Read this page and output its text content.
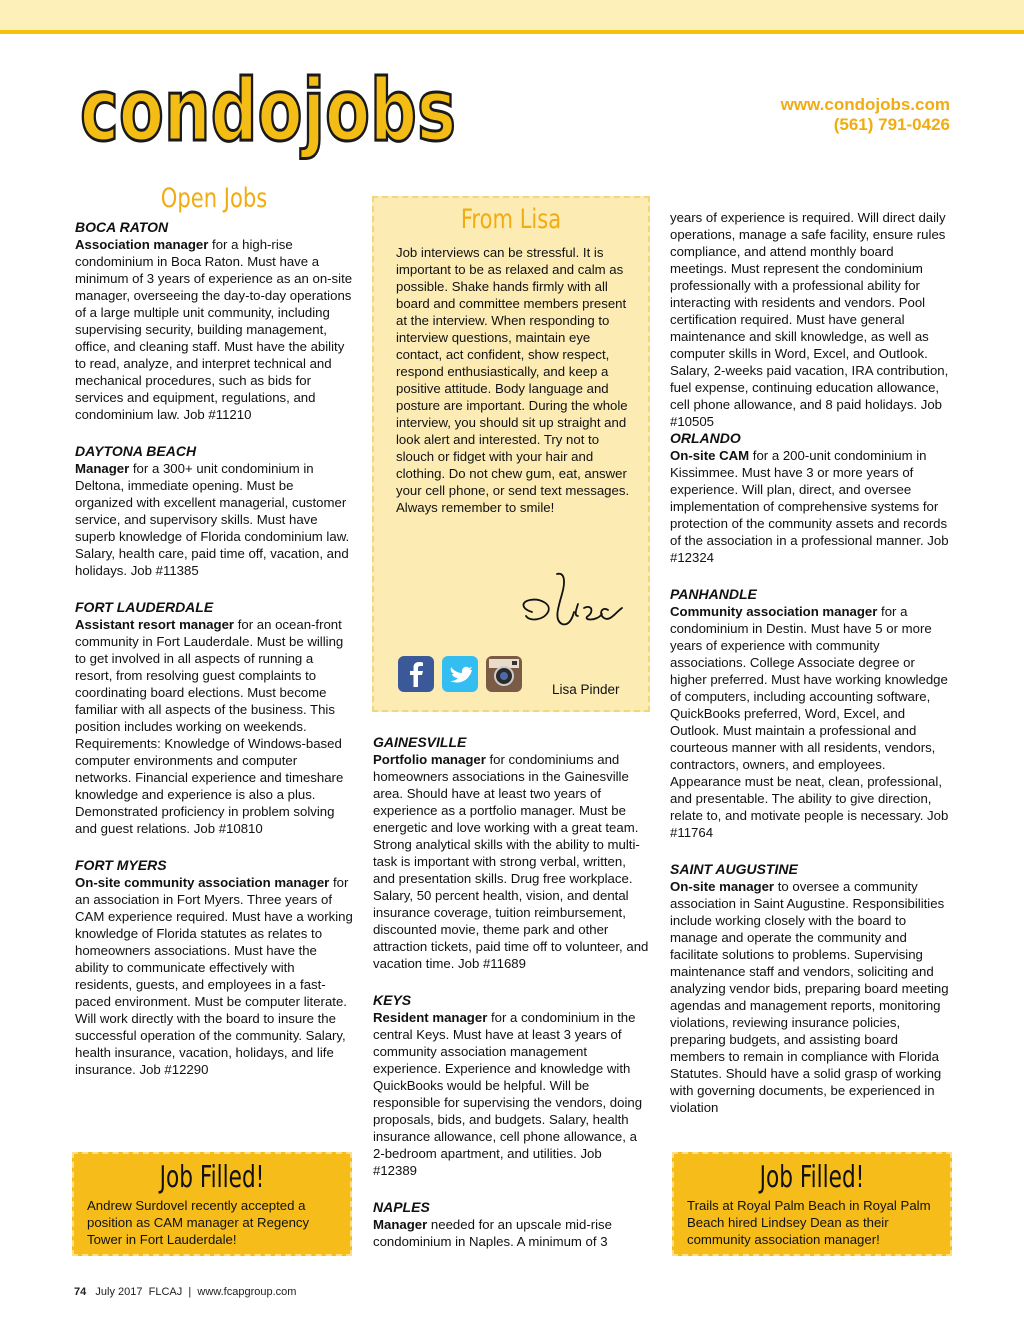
condojobs	www.condojobs.com
(561) 791-0426
Open Jobs

BOCA RATON

Association manager for a high-rise condominium in Boca Raton. Must have a minimum of 3 years of experience as an on-site manager, overseeing the day-to-day operations of a large multiple unit community, including supervising security, building management, office, and cleaning staff. Must have the ability to read, analyze, and interpret technical and mechanical procedures, such as bids for services and equipment, regulations, and condominium law. Job #11210

DAYTONA BEACH

Manager for a 300+ unit condominium in Deltona, immediate opening. Must be organized with excellent managerial, customer service, and supervisory skills. Must have superb knowledge of Florida condominium law. Salary, health care, paid time off, vacation, and holidays. Job #11385

FORT LAUDERDALE

Assistant resort manager for an ocean-front community in Fort Lauderdale. Must be willing to get involved in all aspects of running a resort, from resolving guest complaints to coordinating board elections. Must become familiar with all aspects of the business. This position includes working on weekends. Requirements: Knowledge of Windows-based computer environments and computer networks. Financial experience and timeshare knowledge and experience is also a plus. Demonstrated proficiency in problem solving and guest relations. Job #10810

FORT MYERS

On-site community association manager for an association in Fort Myers. Three years of CAM experience required. Must have a working knowledge of Florida statutes as relates to homeowners associations. Must have the ability to communicate effectively with residents, guests, and employees in a fast-paced environment. Must be computer literate. Will work directly with the board to insure the successful operation of the community. Salary, health insurance, vacation, holidays, and life insurance. Job #12290

Job Filled!

Andrew Surdovel recently accepted a position as CAM manager at Regency Tower in Fort Lauderdale!

From Lisa

Job interviews can be stressful. It is important to be as relaxed and calm as possible. Shake hands firmly with all board and committee members present at the interview. When responding to interview questions, maintain eye contact, act confident, show respect, respond enthusiastically, and keep a positive attitude. Body language and posture are important. During the whole interview, you should sit up straight and look alert and interested. Try not to slouch or fidget with your hair and clothing. Do not chew gum, eat, answer your cell phone, or send text messages. Always remember to smile!

Lisa Pinder

GAINESVILLE

Portfolio manager for condominiums and homeowners associations in the Gainesville area. Should have at least two years of experience as a portfolio manager. Must be energetic and love working with a great team. Strong analytical skills with the ability to multi-task is important with strong verbal, written, and presentation skills. Drug free workplace. Salary, 50 percent health, vision, and dental insurance coverage, tuition reimbursement, discounted movie, theme park and other attraction tickets, paid time off to volunteer, and vacation time. Job #11689

KEYS

Resident manager for a condominium in the central Keys. Must have at least 3 years of community association management experience. Experience and knowledge with QuickBooks would be helpful. Will be responsible for supervising the vendors, doing proposals, bids, and budgets. Salary, health insurance allowance, cell phone allowance, a 2-bedroom apartment, and utilities. Job #12389

NAPLES

Manager needed for an upscale mid-rise condominium in Naples. A minimum of 3

years of experience is required. Will direct daily operations, manage a safe facility, ensure rules compliance, and attend monthly board meetings. Must represent the condominium professionally with a professional ability for interacting with residents and vendors. Pool certification required. Must have general maintenance and skill knowledge, as well as computer skills in Word, Excel, and Outlook. Salary, 2-weeks paid vacation, IRA contribution, fuel expense, continuing education allowance, cell phone allowance, and 8 paid holidays. Job #10505

ORLANDO

On-site CAM for a 200-unit condominium in Kissimmee. Must have 3 or more years of experience. Will plan, direct, and oversee implementation of comprehensive systems for protection of the community assets and records of the association in a professional manner. Job #12324

PANHANDLE

Community association manager for a condominium in Destin. Must have 5 or more years of experience with community associations. College Associate degree or higher preferred. Must have working knowledge of computers, including accounting software, QuickBooks preferred, Word, Excel, and Outlook. Must maintain a professional and courteous manner with all residents, vendors, contractors, owners, and employees. Appearance must be neat, clean, professional, and presentable. The ability to give direction, relate to, and motivate people is necessary. Job #11764

SAINT AUGUSTINE

On-site manager to oversee a community association in Saint Augustine. Responsibilities include working closely with the board to manage and operate the community and facilitate solutions to problems. Supervising maintenance staff and vendors, soliciting and analyzing vendor bids, preparing board meeting agendas and management reports, monitoring violations, reviewing insurance policies, preparing budgets, and assisting board members to remain in compliance with Florida Statutes. Should have a solid grasp of working with governing documents, be experienced in violation

Job Filled!

Trails at Royal Palm Beach in Royal Palm Beach hired Lindsey Dean as their community association manager!

74 July 2017 FLCAJ | www.fcapgroup.com
